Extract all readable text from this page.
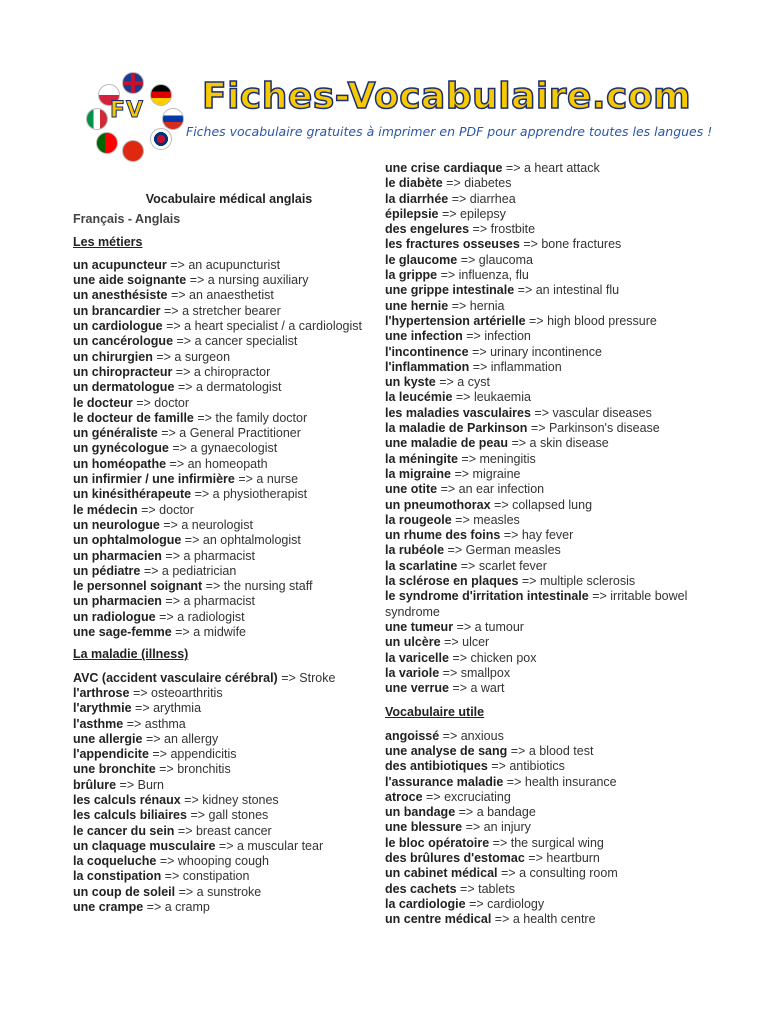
FV Fiches-Vocabulaire.com
Fiches vocabulaire gratuites à imprimer en PDF pour apprendre toutes les langues !
Vocabulaire médical anglais
Français - Anglais
Les métiers
un acupuncteur => an acupuncturist
une aide soignante => a nursing auxiliary
un anesthésiste => an anaesthetist
un brancardier => a stretcher bearer
un cardiologue => a heart specialist / a cardiologist
un cancérologue => a cancer specialist
un chirurgien => a surgeon
un chiropracteur => a chiropractor
un dermatologue => a dermatologist
le docteur => doctor
le docteur de famille => the family doctor
un généraliste => a General Practitioner
un gynécologue => a gynaecologist
un homéopathe => an homeopath
un infirmier / une infirmière => a nurse
un kinésithérapeute => a physiotherapist
le médecin => doctor
un neurologue => a neurologist
un ophtalmologue => an ophtalmologist
un pharmacien => a pharmacist
un pédiatre => a pediatrician
le personnel soignant => the nursing staff
un pharmacien => a pharmacist
un radiologue => a radiologist
une sage-femme => a midwife
La maladie (illness)
AVC (accident vasculaire cérébral) => Stroke
l'arthrose => osteoarthritis
l'arythmie => arythmia
l'asthme => asthma
une allergie => an allergy
l'appendicite => appendicitis
une bronchite => bronchitis
brûlure => Burn
les calculs rénaux => kidney stones
les calculs biliaires => gall stones
le cancer du sein => breast cancer
un claquage musculaire => a muscular tear
la coqueluche => whooping cough
la constipation => constipation
un coup de soleil => a sunstroke
une crampe => a cramp
une crise cardiaque => a heart attack
le diabète => diabetes
la diarrhée => diarrhea
épilepsie => epilepsy
des engelures => frostbite
les fractures osseuses => bone fractures
le glaucome => glaucoma
la grippe => influenza, flu
une grippe intestinale => an intestinal flu
une hernie => hernia
l'hypertension artérielle => high blood pressure
une infection => infection
l'incontinence => urinary incontinence
l'inflammation => inflammation
un kyste => a cyst
la leucémie => leukaemia
les maladies vasculaires => vascular diseases
la maladie de Parkinson => Parkinson's disease
une maladie de peau => a skin disease
la méningite => meningitis
la migraine => migraine
une otite => an ear infection
un pneumothorax => collapsed lung
la rougeole => measles
un rhume des foins => hay fever
la rubéole => German measles
la scarlatine => scarlet fever
la sclérose en plaques => multiple sclerosis
le syndrome d'irritation intestinale => irritable bowel syndrome
une tumeur => a tumour
un ulcère => ulcer
la varicelle => chicken pox
la variole => smallpox
une verrue => a wart
Vocabulaire utile
angoissé => anxious
une analyse de sang => a blood test
des antibiotiques => antibiotics
l'assurance maladie => health insurance
atroce => excruciating
un bandage => a bandage
une blessure => an injury
le bloc opératoire => the surgical wing
des brûlures d'estomac => heartburn
un cabinet médical => a consulting room
des cachets => tablets
la cardiologie => cardiology
un centre médical => a health centre
